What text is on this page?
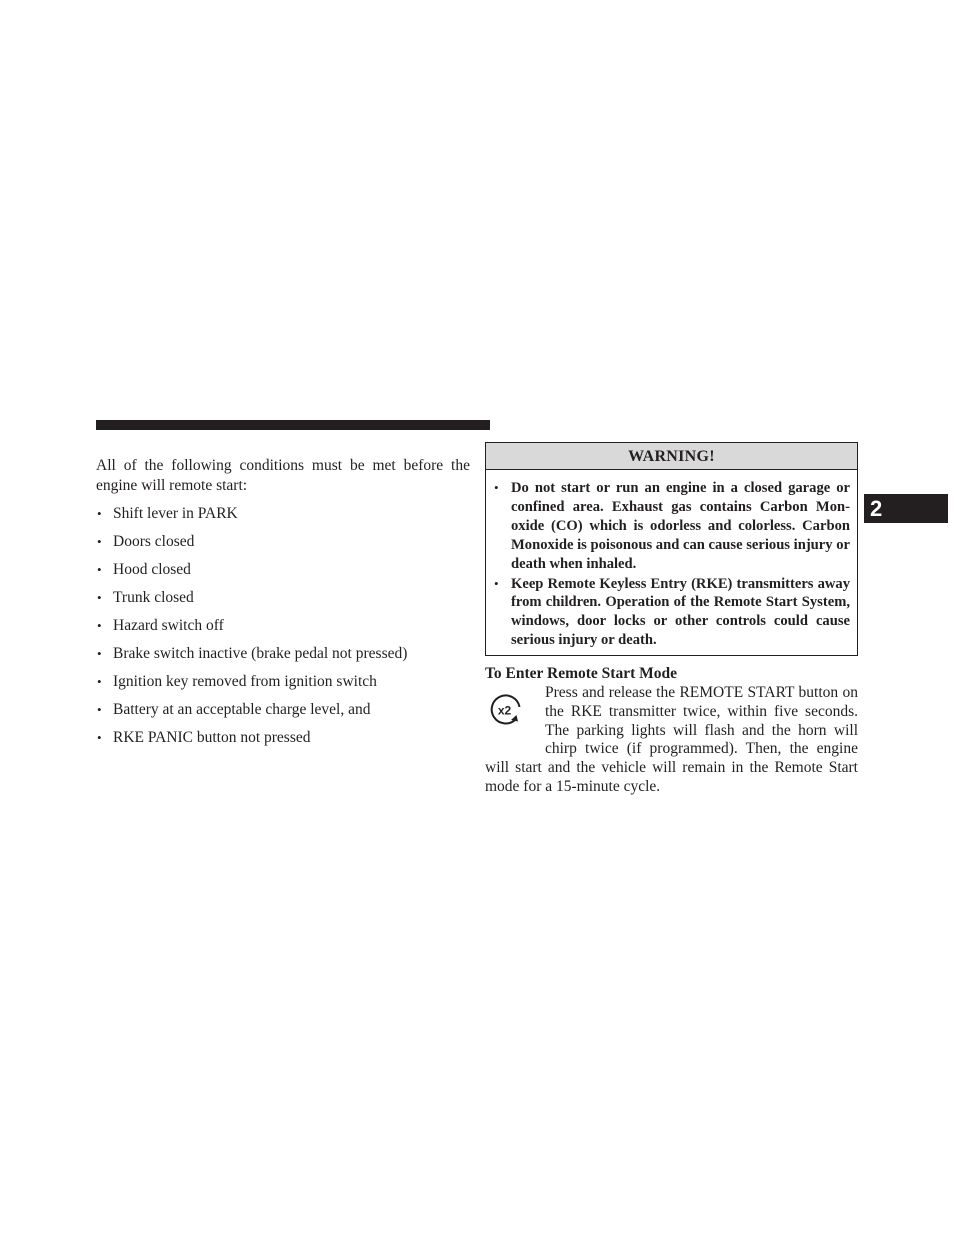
2

All of the following conditions must be met before the engine will remote start:

• Shift lever in PARK
• Doors closed
• Hood closed
• Trunk closed
• Hazard switch off
• Brake switch inactive (brake pedal not pressed)
• Ignition key removed from ignition switch
• Battery at an acceptable charge level, and
• RKE PANIC button not pressed
WARNING!
• Do not start or run an engine in a closed garage or confined area. Exhaust gas contains Carbon Monoxide (CO) which is odorless and colorless. Carbon Monoxide is poisonous and can cause serious injury or death when inhaled.
• Keep Remote Keyless Entry (RKE) transmitters away from children. Operation of the Remote Start System, windows, door locks or other controls could cause serious injury or death.

To Enter Remote Start Mode

x2

Press and release the REMOTE START button on the RKE transmitter twice, within five seconds. The parking lights will flash and the horn will chirp twice (if programmed). Then, the engine will start and the vehicle will remain in the Remote Start mode for a 15-minute cycle.
